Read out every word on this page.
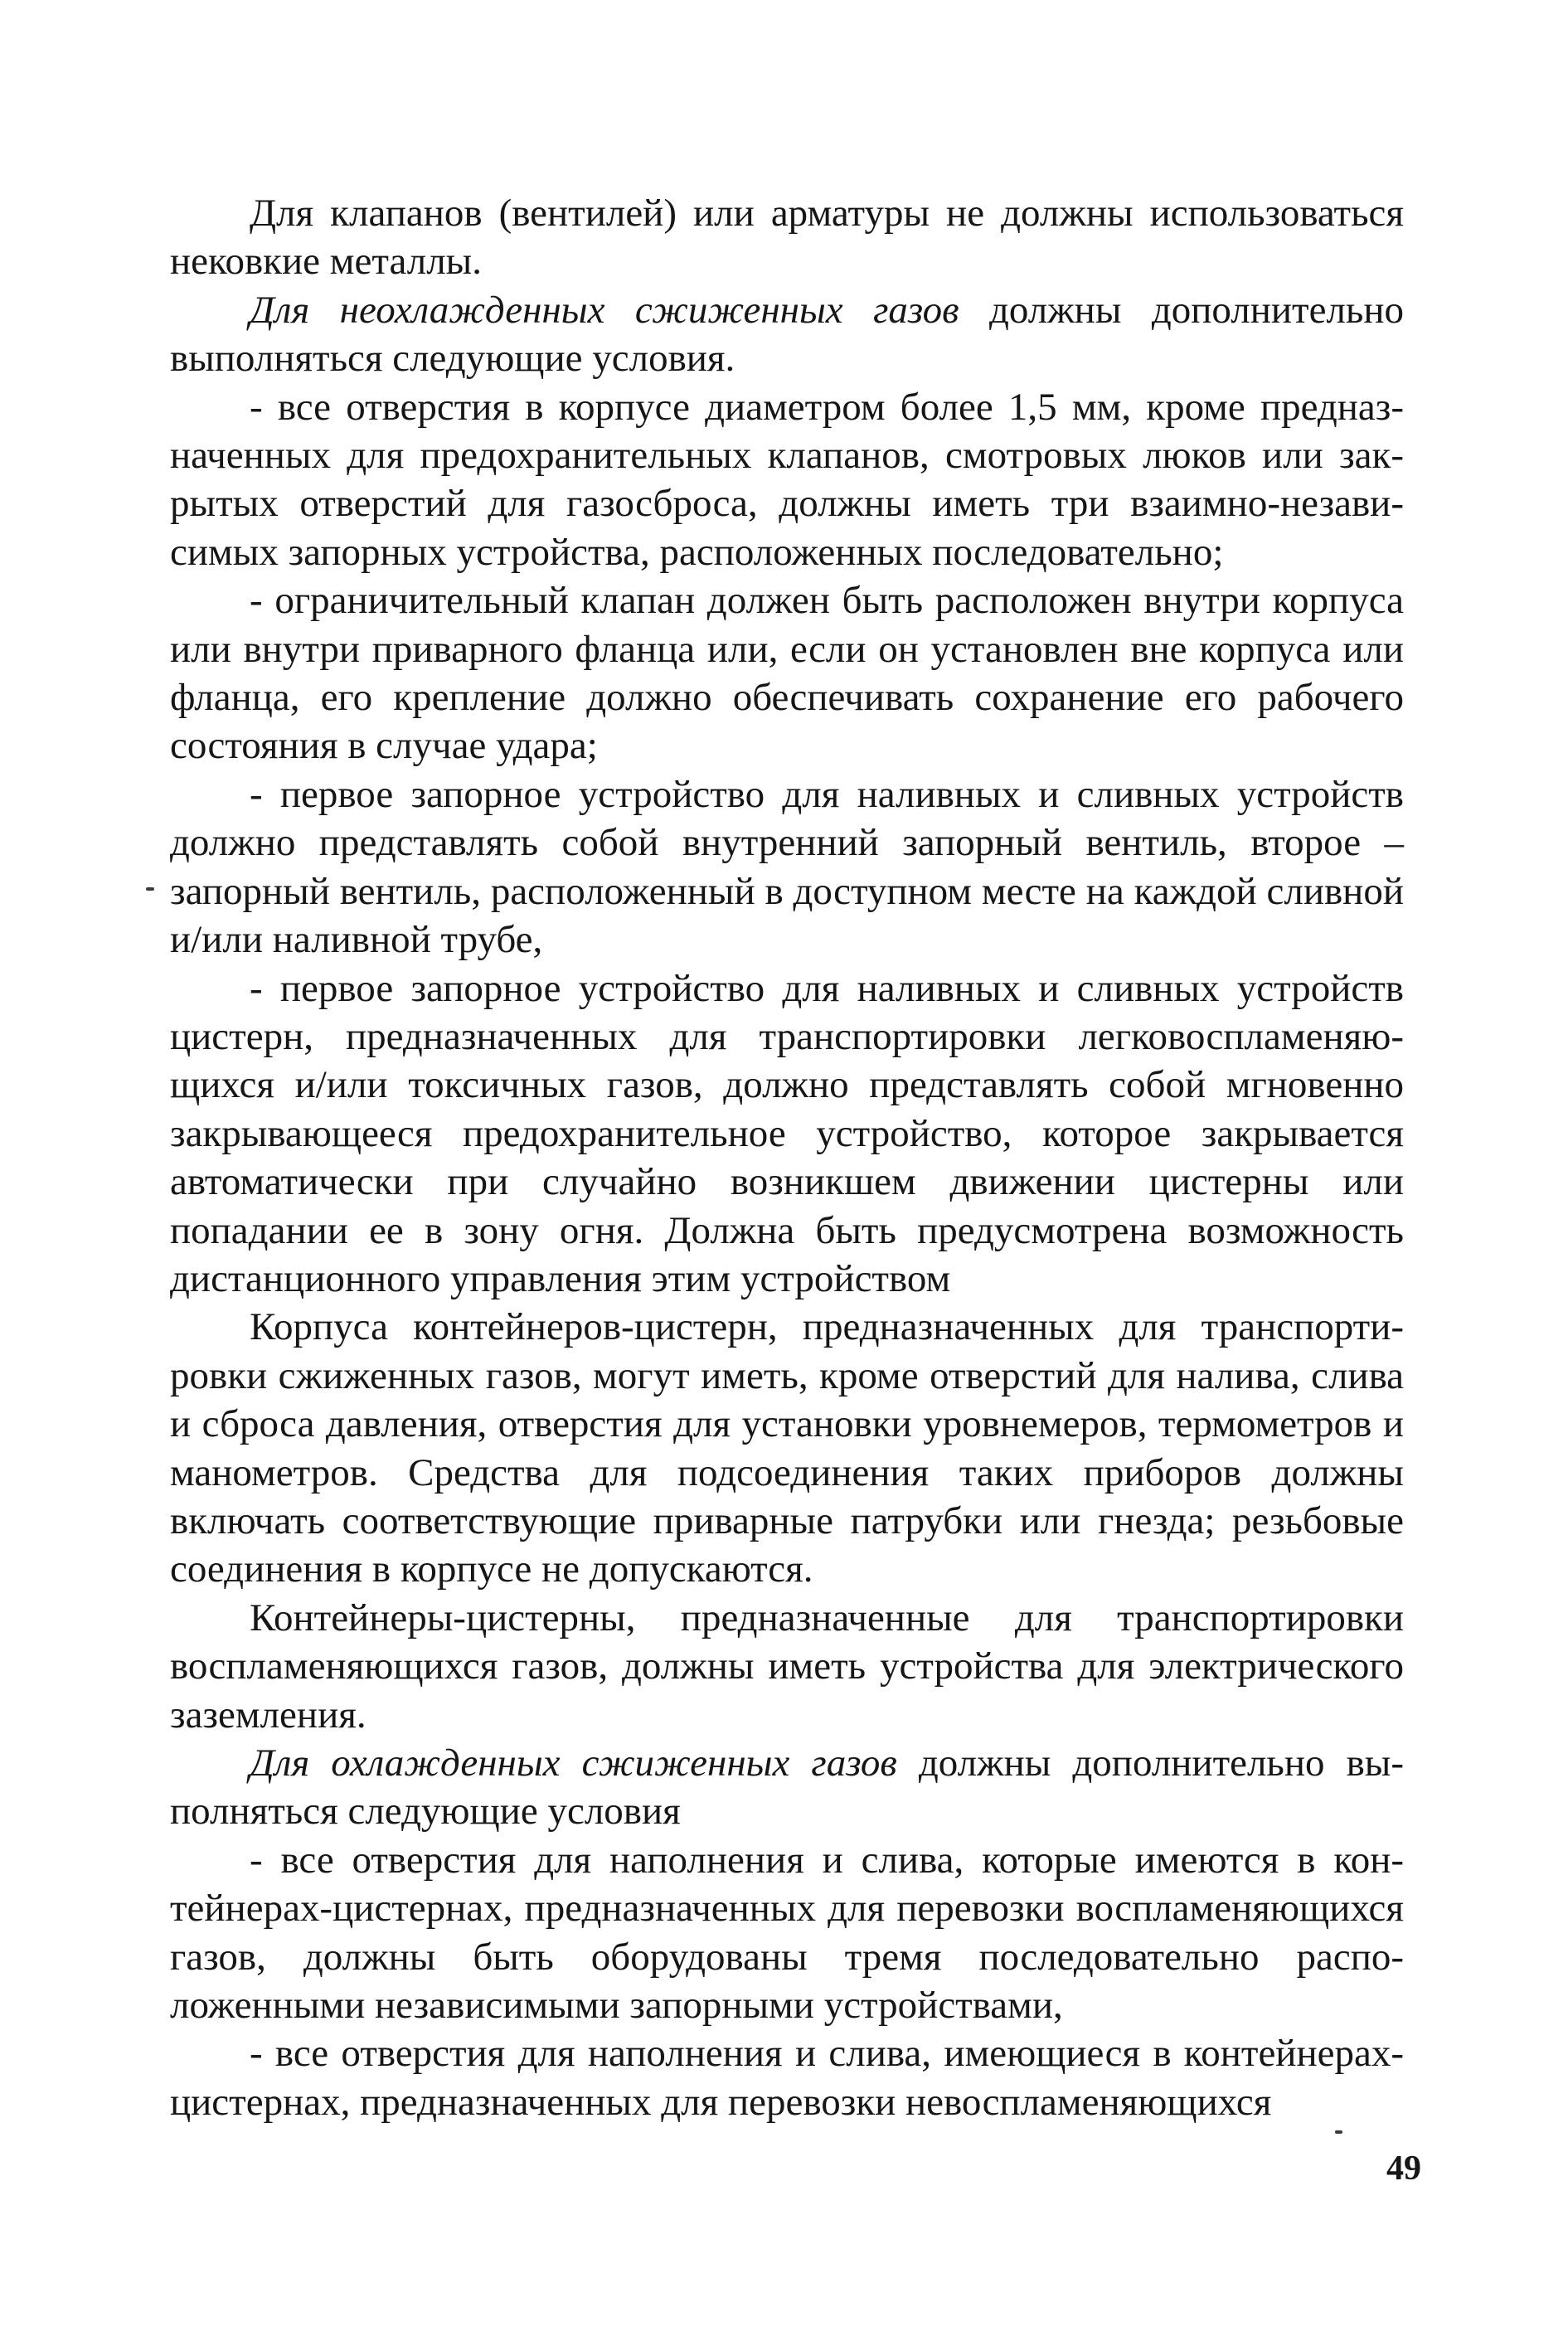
Для клапанов (вентилей) или арматуры не должны использоваться нековкие металлы.

Для неохлажденных сжиженных газов должны дополнительно выполняться следующие условия.

- все отверстия в корпусе диаметром более 1,5 мм, кроме предназначенных для предохранительных клапанов, смотровых люков или закрытых отверстий для газосброса, должны иметь три взаимно-независимых запорных устройства, расположенных последовательно;

- ограничительный клапан должен быть расположен внутри корпуса или внутри приварного фланца или, если он установлен вне корпуса или фланца, его крепление должно обеспечивать сохранение его рабочего состояния в случае удара;

- первое запорное устройство для наливных и сливных устройств должно представлять собой внутренний запорный вентиль, второе – запорный вентиль, расположенный в доступном месте на каждой сливной и/или наливной трубе,

- первое запорное устройство для наливных и сливных устройств цистерн, предназначенных для транспортировки легковоспламеняющихся и/или токсичных газов, должно представлять собой мгновенно закрывающееся предохранительное устройство, которое закрывается автоматически при случайно возникшем движении цистерны или попадании ее в зону огня. Должна быть предусмотрена возможность дистанционного управления этим устройством

Корпуса контейнеров-цистерн, предназначенных для транспортировки сжиженных газов, могут иметь, кроме отверстий для налива, слива и сброса давления, отверстия для установки уровнемеров, термометров и манометров. Средства для подсоединения таких приборов должны включать соответствующие приварные патрубки или гнезда; резьбовые соединения в корпусе не допускаются.

Контейнеры-цистерны, предназначенные для транспортировки воспламеняющихся газов, должны иметь устройства для электрического заземления.

Для охлажденных сжиженных газов должны дополнительно выполняться следующие условия

- все отверстия для наполнения и слива, которые имеются в контейнерах-цистернах, предназначенных для перевозки воспламеняющихся газов, должны быть оборудованы тремя последовательно расположенными независимыми запорными устройствами,

- все отверстия для наполнения и слива, имеющиеся в контейнерах-цистернах, предназначенных для перевозки невоспламеняющихся

49
